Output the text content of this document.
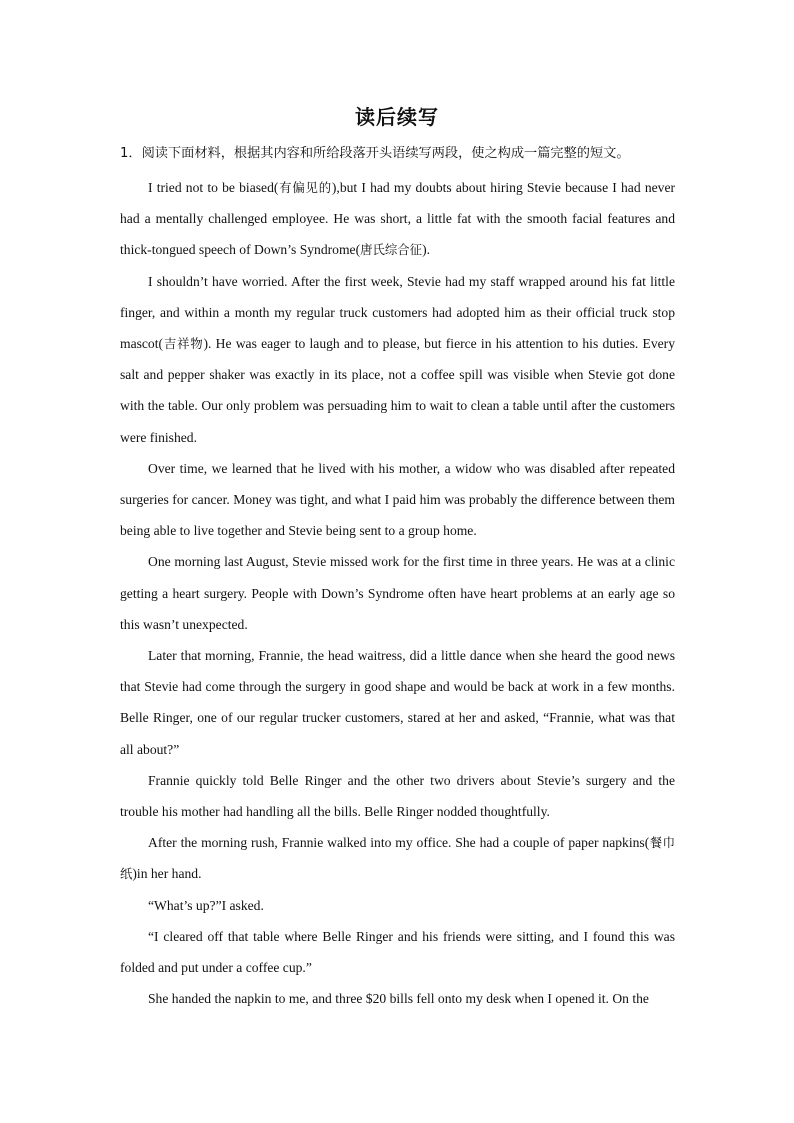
读后续写
1．阅读下面材料，根据其内容和所给段落开头语续写两段，使之构成一篇完整的短文。

I tried not to be biased(有偏见的),but I had my doubts about hiring Stevie because I had never had a mentally challenged employee. He was short, a little fat with the smooth facial features and thick-tongued speech of Down’s Syndrome(唐氏综合征).

I shouldn’t have worried. After the first week, Stevie had my staff wrapped around his fat little finger, and within a month my regular truck customers had adopted him as their official truck stop mascot(吉祥物). He was eager to laugh and to please, but fierce in his attention to his duties. Every salt and pepper shaker was exactly in its place, not a coffee spill was visible when Stevie got done with the table. Our only problem was persuading him to wait to clean a table until after the customers were finished.

Over time, we learned that he lived with his mother, a widow who was disabled after repeated surgeries for cancer. Money was tight, and what I paid him was probably the difference between them being able to live together and Stevie being sent to a group home.

One morning last August, Stevie missed work for the first time in three years. He was at a clinic getting a heart surgery. People with Down’s Syndrome often have heart problems at an early age so this wasn’t unexpected.

Later that morning, Frannie, the head waitress, did a little dance when she heard the good news that Stevie had come through the surgery in good shape and would be back at work in a few months. Belle Ringer, one of our regular trucker customers, stared at her and asked, “Frannie, what was that all about?”

Frannie quickly told Belle Ringer and the other two drivers about Stevie’s surgery and the trouble his mother had handling all the bills. Belle Ringer nodded thoughtfully.

After the morning rush, Frannie walked into my office. She had a couple of paper napkins(餐巾纸)in her hand.

“What’s up?”I asked.

“I cleared off that table where Belle Ringer and his friends were sitting, and I found this was folded and put under a coffee cup.”

She handed the napkin to me, and three $20 bills fell onto my desk when I opened it. On the
